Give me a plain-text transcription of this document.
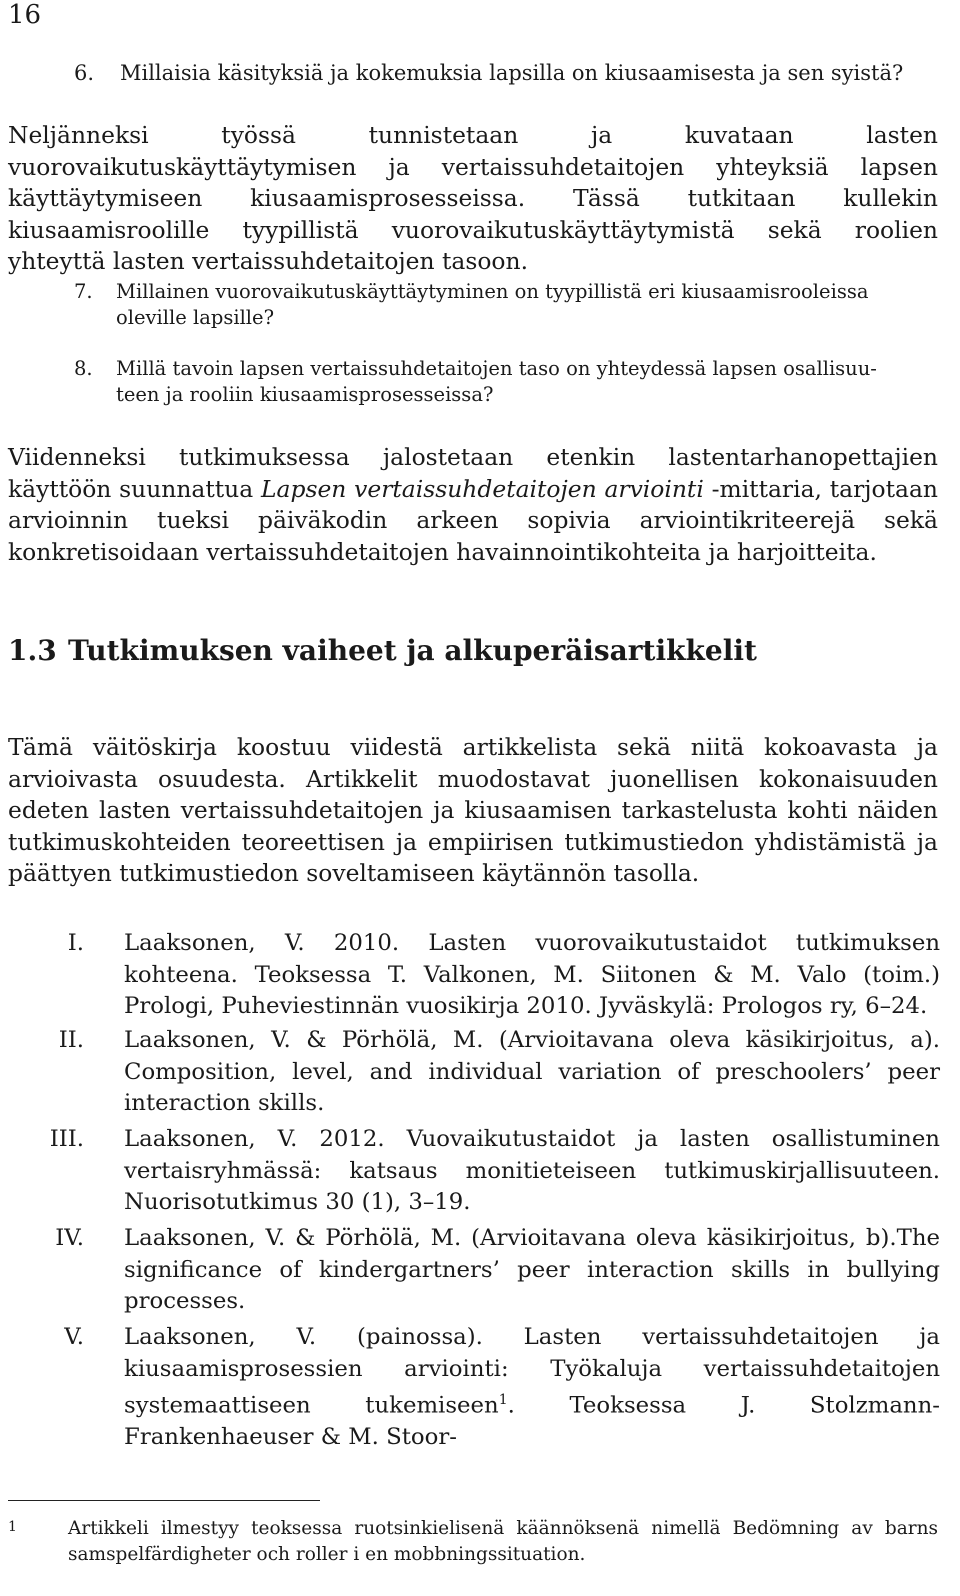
16
6. Millaisia käsityksiä ja kokemuksia lapsilla on kiusaamisesta ja sen syistä?
Neljänneksi työssä tunnistetaan ja kuvataan lasten vuorovaikutuskäyttäytymisen ja vertaissuhdetaitojen yhteyksiä lapsen käyttäytymiseen kiusaamisprosesseissa. Tässä tutkitaan kullekin kiusaamisroolille tyypillistä vuorovaikutuskäyttäytymistä sekä roolien yhteyttä lasten vertaissuhdetaitojen tasoon.
7. Millainen vuorovaikutuskäyttäytyminen on tyypillistä eri kiusaamisrooleissa
oleville lapsille?
8. Millä tavoin lapsen vertaissuhdetaitojen taso on yhteydessä lapsen osallisuu-
teen ja rooliin kiusaamisprosesseissa?
Viidenneksi tutkimuksessa jalostetaan etenkin lastentarhanopettajien käyttöön suunnattua Lapsen vertaissuhdetaitojen arviointi -mittaria, tarjotaan arvioinnin tueksi päiväkodin arkeen sopivia arviointikriteerejä sekä konkretisoidaan vertaissuhdetaitojen havainnointikohteita ja harjoitteita.
1.3 Tutkimuksen vaiheet ja alkuperäisartikkelit
Tämä väitöskirja koostuu viidestä artikkelista sekä niitä kokoavasta ja arvioivasta osuudesta. Artikkelit muodostavat juonellisen kokonaisuuden edeten lasten vertaissuhdetaitojen ja kiusaamisen tarkastelusta kohti näiden tutkimuskohteiden teoreettisen ja empiirisen tutkimustiedon yhdistämistä ja päättyen tutkimustiedon soveltamiseen käytännön tasolla.
I. Laaksonen, V. 2010. Lasten vuorovaikutustaidot tutkimuksen kohteena. Teoksessa T. Valkonen, M. Siitonen & M. Valo (toim.) Prologi, Puheviestinnän vuosikirja 2010. Jyväskylä: Prologos ry, 6–24.
II. Laaksonen, V. & Pörhölä, M. (Arvioitavana oleva käsikirjoitus, a). Composition, level, and individual variation of preschoolers’ peer interaction skills.
III. Laaksonen, V. 2012. Vuovaikutustaidot ja lasten osallistuminen vertaisryhmässä: katsaus monitieteiseen tutkimuskirjallisuuteen. Nuorisotutkimus 30 (1), 3–19.
IV. Laaksonen, V. & Pörhölä, M. (Arvioitavana oleva käsikirjoitus, b).The significance of kindergartners’ peer interaction skills in bullying processes.
V. Laaksonen, V. (painossa). Lasten vertaissuhdetaitojen ja kiusaamisprosessien arviointi: Työkaluja vertaissuhdetaitojen systemaattiseen tukemiseen$^1$. Teoksessa J. Stolzmann-Frankenhaeuser & M. Stoor-
1	Artikkeli ilmestyy teoksessa ruotsinkielisenä käännöksenä nimellä Bedömning av barns samspelfärdigheter och roller i en mobbningssituation.
